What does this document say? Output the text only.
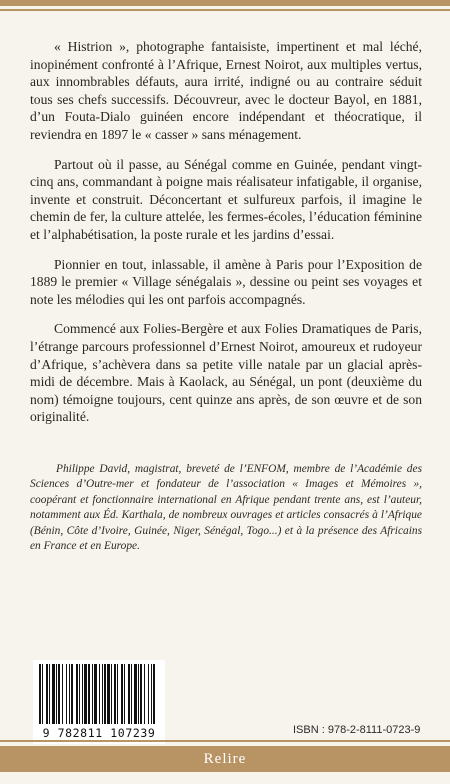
« Histrion », photographe fantaisiste, impertinent et mal léché, inopinément confronté à l’Afrique, Ernest Noirot, aux multiples vertus, aux innombrables défauts, aura irrité, indigné ou au contraire séduit tous ses chefs successifs. Découvreur, avec le docteur Bayol, en 1881, d’un Fouta-Dialo guinéen encore indépendant et théocratique, il reviendra en 1897 le « casser » sans ménagement.

Partout où il passe, au Sénégal comme en Guinée, pendant vingt-cinq ans, commandant à poigne mais réalisateur infatigable, il organise, invente et construit. Déconcertant et sulfureux parfois, il imagine le chemin de fer, la culture attelée, les fermes-écoles, l’éducation féminine et l’alphabétisation, la poste rurale et les jardins d’essai.

Pionnier en tout, inlassable, il amène à Paris pour l’Exposition de 1889 le premier « Village sénégalais », dessine ou peint ses voyages et note les mélodies qui les ont parfois accompagnés.

Commencé aux Folies-Bergère et aux Folies Dramatiques de Paris, l’étrange parcours professionnel d’Ernest Noirot, amoureux et rudoyeur d’Afrique, s’achèvera dans sa petite ville natale par un glacial après-midi de décembre. Mais à Kaolack, au Sénégal, un pont (deuxième du nom) témoigne toujours, cent quinze ans après, de son œuvre et de son originalité.

Philippe David, magistrat, breveté de l’ENFOM, membre de l’Académie des Sciences d’Outre-mer et fondateur de l’association « Images et Mémoires », coopérant et fonctionnaire international en Afrique pendant trente ans, est l’auteur, notamment aux Éd. Karthala, de nombreux ouvrages et articles consacrés à l’Afrique (Bénin, Côte d’Ivoire, Guinée, Niger, Sénégal, Togo...) et à la présence des Africains en France et en Europe.

9 782811 107239	ISBN : 978-2-8111-0723-9
Relire
